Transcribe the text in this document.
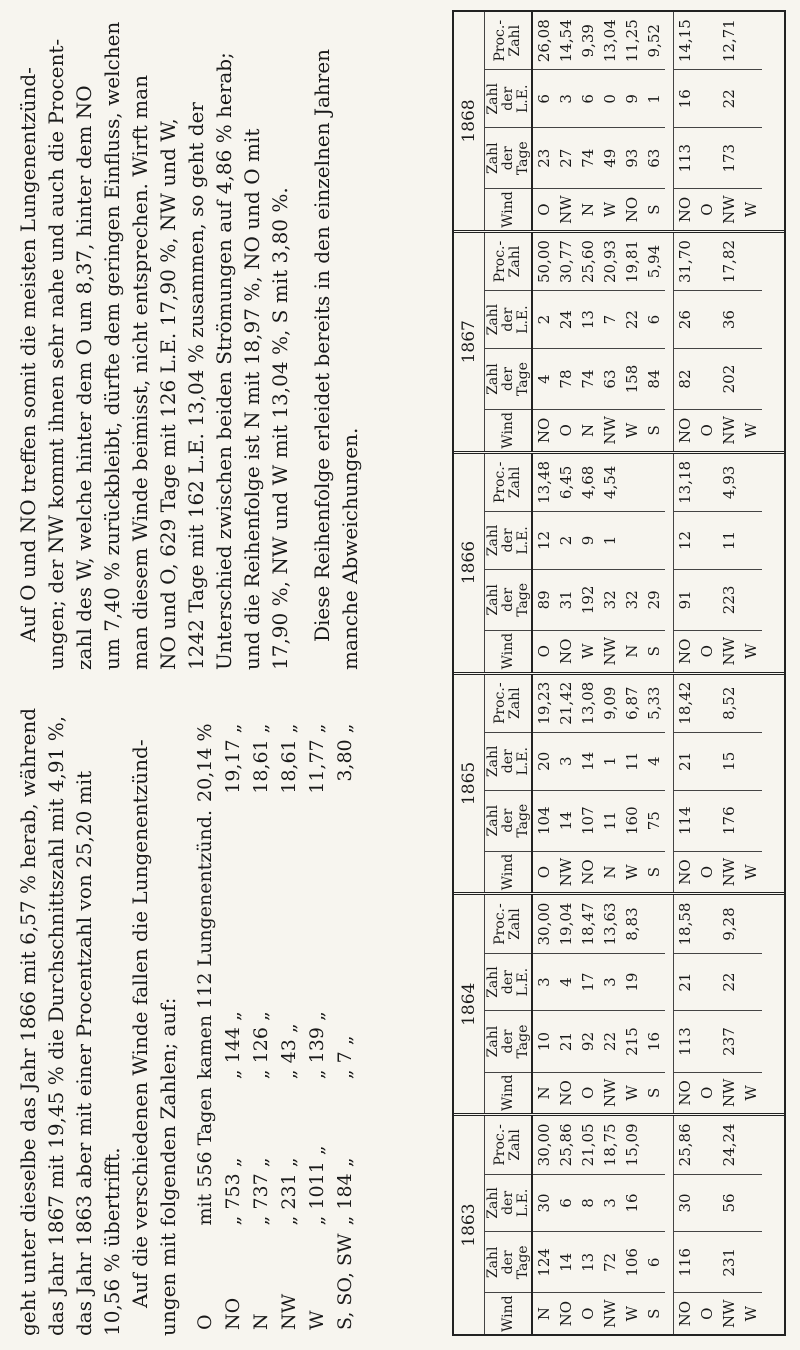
geht unter dieselbe das Jahr 1866 mit 6,57 % herab, während das Jahr 1867 mit 19,45 % die Durchschnittszahl mit 4,91 %, das Jahr 1863 aber mit einer Procentzahl von 25,20 mit 10,56 % übertrifft. Auf die verschiedenen Winde fallen die Lungenentzünd- ungen mit folgenden Zahlen; auf: O	mit 556 Tagen	kamen 112 Lungenentzünd.	20,14 %
NO	„ 753 „	„ 144 „	19,17 „
N	„ 737 „	„ 126 „	18,61 „
NW	„ 231 „	„ 43 „	18,61 „
W	„ 1011 „	„ 139 „	11,77 „
S, SO, SW	„ 184 „	„ 7 „	3,80 „
Auf O und NO treffen somit die meisten Lungenentzünd- ungen; der NW kommt ihnen sehr nahe und auch die Procent- zahl des W, welche hinter dem O um 8,37, hinter dem NO um 7,40 % zurückbleibt, dürfte dem geringen Einfluss, welchen man diesem Winde beimisst, nicht entsprechen. Wirft man NO und O, 629 Tage mit 126 L.E. 17,90 %, NW und W, 1242 Tage mit 162 L.E. 13,04 % zusammen, so geht der Unterschied zwischen beiden Strömungen auf 4,86 % herab; und die Reihenfolge ist N mit 18,97 %, NO und O mit 17,90 %, NW und W mit 13,04 %, S mit 3,80 %. Diese Reihenfolge erleidet bereits in den einzelnen Jahren manche Abweichungen.
1863			
Wind	Zahl der Tage	Zahl der L.E.	Proc.-Zahl
N	124	30	30,00
NO	14	6	25,86
O	13	8	21,05
NW	72	3	18,75
W	106	16	15,09
S	6		

NO	116	30	25,86
O			
NW	231	56	24,24
W			
1864			
Wind	Zahl der Tage	Zahl der L.E.	Proc.-Zahl
N	10	3	30,00
NO	21	4	19,04
O	92	17	18,47
NW	22	3	13,63
W	215	19	8,83
S	16		

NO	113	21	18,58
O			
NW	237	22	9,28
W			
1865			
Wind	Zahl der Tage	Zahl der L.E.	Proc.-Zahl
O	104	20	19,23
NW	14	3	21,42
NO	107	14	13,08
N	11	1	9,09
W	160	11	6,87
S	75	4	5,33

NO	114	21	18,42
O			
NW	176	15	8,52
W			
1866			
Wind	Zahl der Tage	Zahl der L.E.	Proc.-Zahl
O	89	12	13,48
NO	31	2	6,45
W	192	9	4,68
NW	32	1	4,54
N	32		
S	29		

NO	91	12	13,18
O			
NW	223	11	4,93
W			
1867			
Wind	Zahl der Tage	Zahl der L.E.	Proc.-Zahl
NO	4	2	50,00
O	78	24	30,77
N	74	13	25,60
NW	63	7	20,93
W	158	22	19,81
S	84	6	5,94

NO	82	26	31,70
O			
NW	202	36	17,82
W			
1868			
Wind	Zahl der Tage	Zahl der L.E.	Proc.-Zahl
O	23	6	26,08
NW	27	3	14,54
N	74	6	9,39
W	49	0	13,04
NO	93	9	11,25
S	63	1	9,52

NO	113	16	14,15
O			
NW	173	22	12,71
W			
